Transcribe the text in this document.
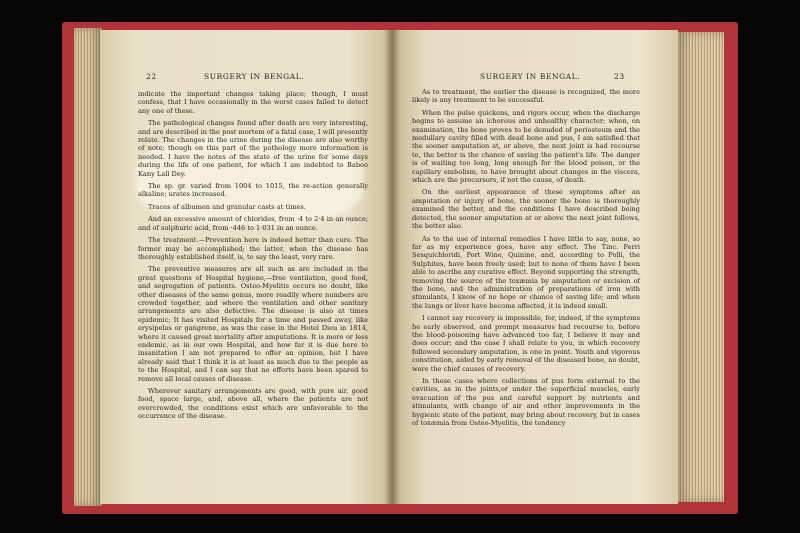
22	SURGERY IN BENGAL.

indicate the important changes taking place; though, I must confess, that I have occasionally in the worst cases failed to detect any one of these.

The pathological changes found after death are very interesting, and are described in the post mortem of a fatal case, I will presently relate. The changes in the urine during the disease are also worthy of note; though on this part of the pathology more information is needed. I have the notes of the state of the urine for some days during the life of one patient, for which I am indebted to Baboo Kany Lall Dey.

The sp. gr. varied from 1004 to 1015, the re-action generally alkaline; urates increased.

Traces of albumen and granular casts at times.

And an excessive amount of chlorides, from ·4 to 2·4 in an ounce; and of sulphuric acid, from ·446 to 1·031 in an ounce.

The treatment.—Prevention here is indeed better than cure. The former may be accomplished; the latter, when the disease has thoroughly established itself, is, to say the least, very rare.

The preventive measures are all such as are included in the great questions of Hospital hygiene,—free ventilation, good food, and segregation of patients. Osteo-Myelitis occurs no doubt, like other diseases of the same genus, more readily where numbers are crowded together, and where the ventilation and other sanitary arrangements are also defective. The disease is also at times epidemic; It has visited Hospitals for a time and passed away, like erysipelas or gangrene, as was the case in the Hotel Dieu in 1814, where it caused great mortality after amputations. It is more or less endemic, as in our own Hospital, and how far it is due here to insanitation I am not prepared to offer an opinion, but I have already said that I think it is at least as much due to the people as to the Hospital, and I can say that no efforts have been spared to remove all local causes of disease.

Wherever sanitary arrangements are good, with pure air, good food, space large, and, above all, where the patients are not overcrowded, the conditions exist which are unfavorable to the occurrence of the disease.

SURGERY IN BENGAL.	23

As to treatment, the earlier the disease is recognized, the more likely is any treatment to be successful.

When the pulse quickens, and rigors occur, when the discharge begins to assume an ichorous and unhealthy character; when, on examination, the bone proves to be denuded of periosteum and the medullary cavity filled with dead bone and pus, I am satisfied that the sooner amputation at, or above, the next joint is had recourse to, the better is the chance of saving the patient's life. The danger is of waiting too long, long enough for the blood poison, or the capillary embolism, to have brought about changes in the viscera, which are the precursors, if not the cause, of death.

On the earliest appearance of these symptoms after an amputation or injury of bone, the sooner the bone is thoroughly examined the better, and the conditions I have described being detected, the sooner amputation at or above the next joint follows, the better also.

As to the use of internal remedies I have little to say, none, so far as my experience goes, have any effect. The Tinc. Ferri Sesquichloridi, Port Wine, Quinine, and, according to Polli, the Sulphites, have been freely used; but to none of them have I been able to ascribe any curative effect. Beyond supporting the strength, removing the source of the toxæmia by amputation or excision of the bone, and the administration of preparations of iron with stimulants, I know of no hope or chance of saving life; and when the lungs or liver have become affected, it is indeed small.

I cannot say recovery is impossible, for, indeed, if the symptoms be early observed, and prompt measures had recourse to, before the blood-poisoning have advanced too far, I believe it may and does occur; and the case I shall relate to you, in which recovery followed secondary amputation, is one in point. Youth and vigorous constitution, aided by early removal of the diseased bone, no doubt, were the chief causes of recovery.

In those cases where collections of pus form external to the cavities, as in the joints,or under the superficial muscles, early evacuation of the pus and careful support by nutrients and stimulants, with change of air and other improvements in the hygienic state of the patient, may bring about recovery, but in cases of toxæmia from Osteo-Myelitis, the tendency
